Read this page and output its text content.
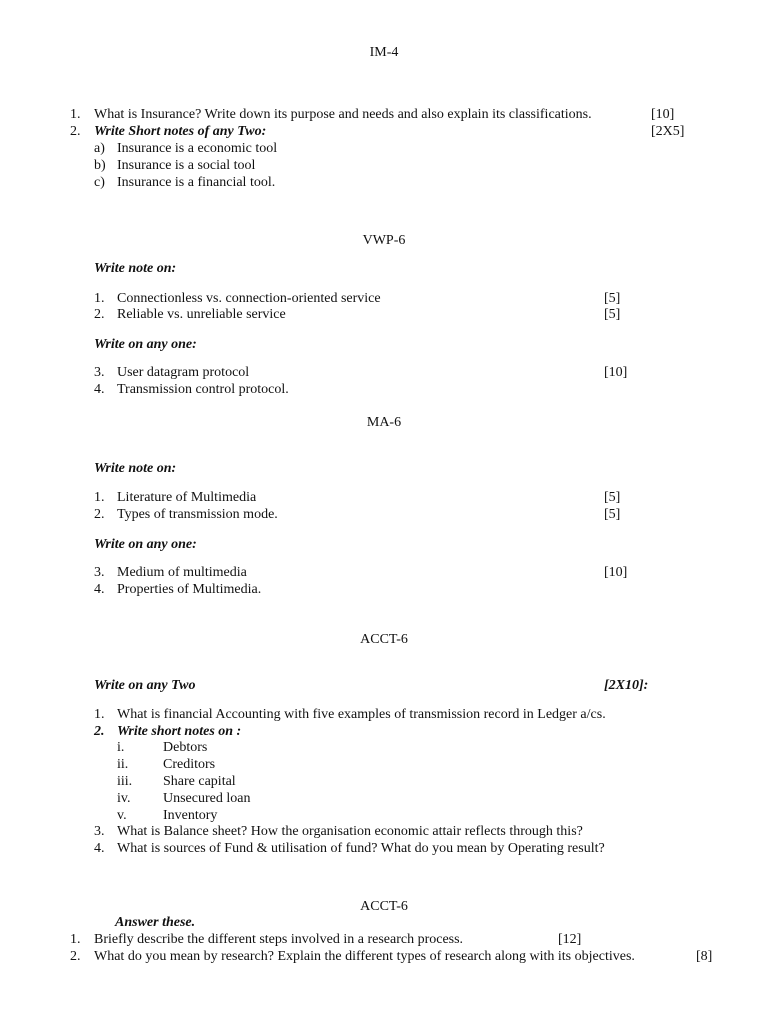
IM-4
1. What is Insurance? Write down its purpose and needs and also explain its classifications.	[10]
2. Write Short notes of any Two:	[2X5]
a) Insurance is a economic tool
b) Insurance is a social tool
c) Insurance is a financial tool.
VWP-6
Write note on:
1. Connectionless vs. connection-oriented service	[5]
2. Reliable vs. unreliable service	[5]
Write on any one:
3. User datagram protocol	[10]
4. Transmission control protocol.
MA-6
Write note on:
1. Literature of Multimedia	[5]
2. Types of transmission mode.	[5]
Write on any one:
3. Medium of multimedia	[10]
4. Properties of Multimedia.
ACCT-6
Write on any Two	[2X10]:
1. What is financial Accounting with five examples of transmission record in Ledger a/cs.
2. Write short notes on :
i.	Debtors
ii. Creditors
iii. Share capital
iv. Unsecured loan
v.	Inventory
3. What is Balance sheet? How the organisation economic attair reflects through this?
4. What is sources of Fund & utilisation of fund? What do you mean by Operating result?
ACCT-6
Answer these.
1. Briefly describe the different steps involved in a research process.	[12]
2. What do you mean by research? Explain the different types of research along with its objectives.	[8]
